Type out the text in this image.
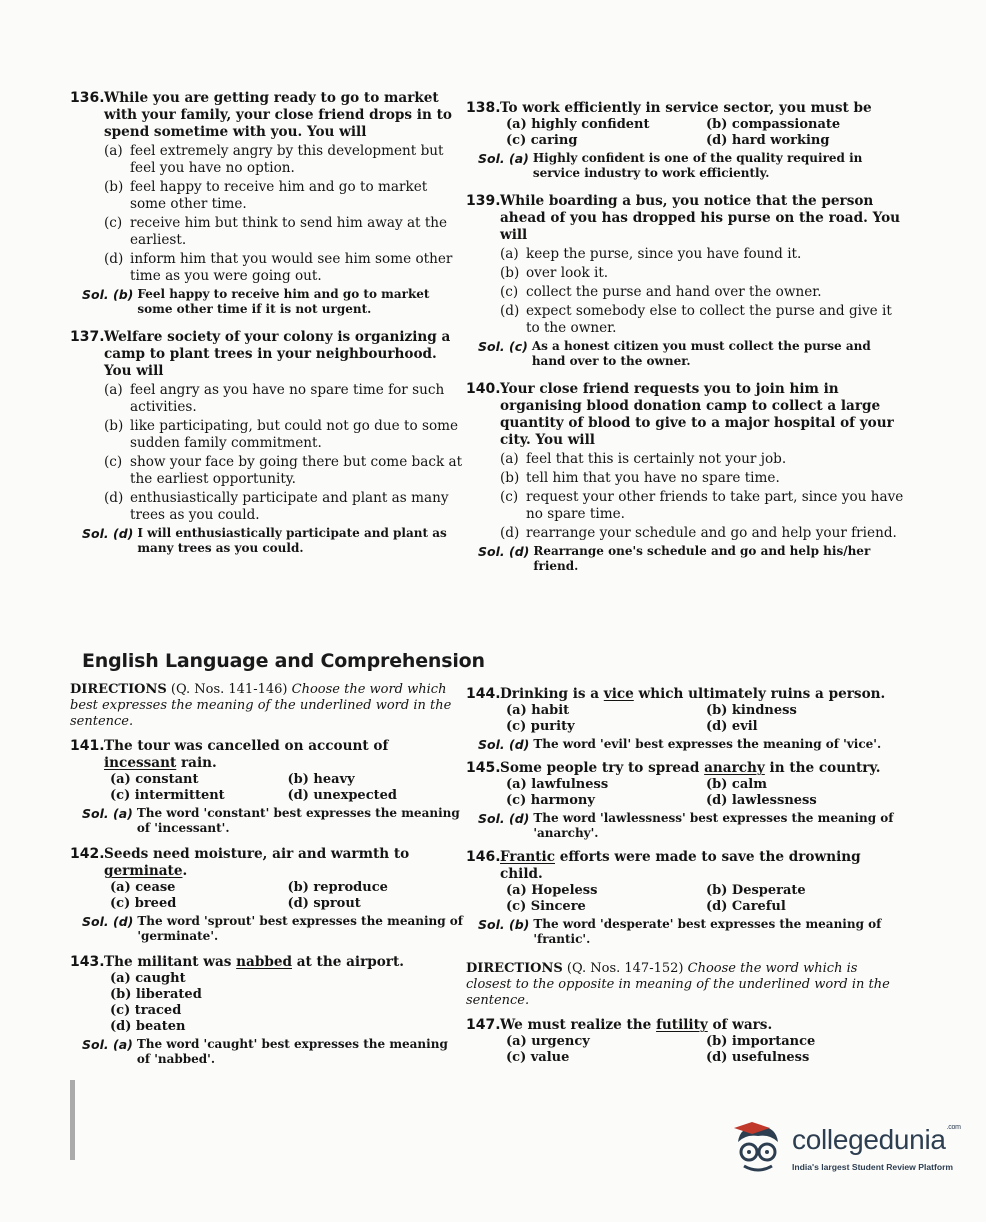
136. While you are getting ready to go to market with your family, your close friend drops in to spend sometime with you. You will
(a) feel extremely angry by this development but feel you have no option.
(b) feel happy to receive him and go to market some other time.
(c) receive him but think to send him away at the earliest.
(d) inform him that you would see him some other time as you were going out.
Sol. (b) Feel happy to receive him and go to market some other time if it is not urgent.
137. Welfare society of your colony is organizing a camp to plant trees in your neighbourhood. You will
(a) feel angry as you have no spare time for such activities.
(b) like participating, but could not go due to some sudden family commitment.
(c) show your face by going there but come back at the earliest opportunity.
(d) enthusiastically participate and plant as many trees as you could.
Sol. (d) I will enthusiastically participate and plant as many trees as you could.
138. To work efficiently in service sector, you must be
(a) highly confident	(b) compassionate
(c) caring	(d) hard working
Sol. (a) Highly confident is one of the quality required in service industry to work efficiently.
139. While boarding a bus, you notice that the person ahead of you has dropped his purse on the road. You will
(a) keep the purse, since you have found it.
(b) over look it.
(c) collect the purse and hand over the owner.
(d) expect somebody else to collect the purse and give it to the owner.
Sol. (c) As a honest citizen you must collect the purse and hand over to the owner.
140. Your close friend requests you to join him in organising blood donation camp to collect a large quantity of blood to give to a major hospital of your city. You will
(a) feel that this is certainly not your job.
(b) tell him that you have no spare time.
(c) request your other friends to take part, since you have no spare time.
(d) rearrange your schedule and go and help your friend.
Sol. (d) Rearrange one's schedule and go and help his/her friend.
English Language and Comprehension
DIRECTIONS (Q. Nos. 141-146) Choose the word which best expresses the meaning of the underlined word in the sentence.
141. The tour was cancelled on account of incessant rain.
(a) constant	(b) heavy
(c) intermittent	(d) unexpected
Sol. (a) The word 'constant' best expresses the meaning of 'incessant'.
142. Seeds need moisture, air and warmth to germinate.
(a) cease	(b) reproduce
(c) breed	(d) sprout
Sol. (d) The word 'sprout' best expresses the meaning of 'germinate'.
143. The militant was nabbed at the airport.
(a) caught
(b) liberated
(c) traced
(d) beaten
Sol. (a) The word 'caught' best expresses the meaning of 'nabbed'.
144. Drinking is a vice which ultimately ruins a person.
(a) habit	(b) kindness
(c) purity	(d) evil
Sol. (d) The word 'evil' best expresses the meaning of 'vice'.
145. Some people try to spread anarchy in the country.
(a) lawfulness	(b) calm
(c) harmony	(d) lawlessness
Sol. (d) The word 'lawlessness' best expresses the meaning of 'anarchy'.
146. Frantic efforts were made to save the drowning child.
(a) Hopeless	(b) Desperate
(c) Sincere	(d) Careful
Sol. (b) The word 'desperate' best expresses the meaning of 'frantic'.
DIRECTIONS (Q. Nos. 147-152) Choose the word which is closest to the opposite in meaning of the underlined word in the sentence.
147. We must realize the futility of wars.
(a) urgency	(b) importance
(c) value	(d) usefulness
collegedunia$^{.com}$
India's largest Student Review Platform
